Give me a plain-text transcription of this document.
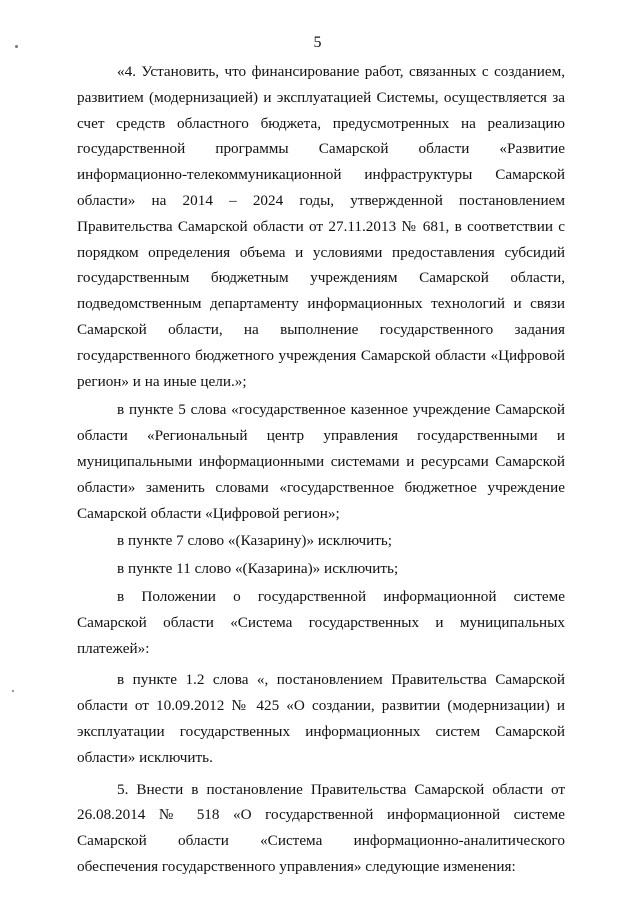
5

«4. Установить, что финансирование работ, связанных с созданием, развитием (модернизацией) и эксплуатацией Системы, осуществляется за счет средств областного бюджета, предусмотренных на реализацию государственной программы Самарской области «Развитие информационно-телекоммуникационной инфраструктуры Самарской области» на 2014 – 2024 годы, утвержденной постановлением Правительства Самарской области от 27.11.2013 № 681, в соответствии с порядком определения объема и условиями предоставления субсидий государственным бюджетным учреждениям Самарской области, подведомственным департаменту информационных технологий и связи Самарской области, на выполнение государственного задания государственного бюджетного учреждения Самарской области «Цифровой регион» и на иные цели.»;

в пункте 5 слова «государственное казенное учреждение Самарской области «Региональный центр управления государственными и муниципальными информационными системами и ресурсами Самарской области» заменить словами «государственное бюджетное учреждение Самарской области «Цифровой регион»;

в пункте 7 слово «(Казарину)» исключить;

в пункте 11 слово «(Казарина)» исключить;

в Положении о государственной информационной системе Самарской области «Система государственных и муниципальных платежей»:

в пункте 1.2 слова «, постановлением Правительства Самарской области от 10.09.2012 № 425 «О создании, развитии (модернизации) и эксплуатации государственных информационных систем Самарской области» исключить.

5. Внести в постановление Правительства Самарской области от 26.08.2014 № 518 «О государственной информационной системе Самарской области «Система информационно-аналитического обеспечения государственного управления» следующие изменения:
